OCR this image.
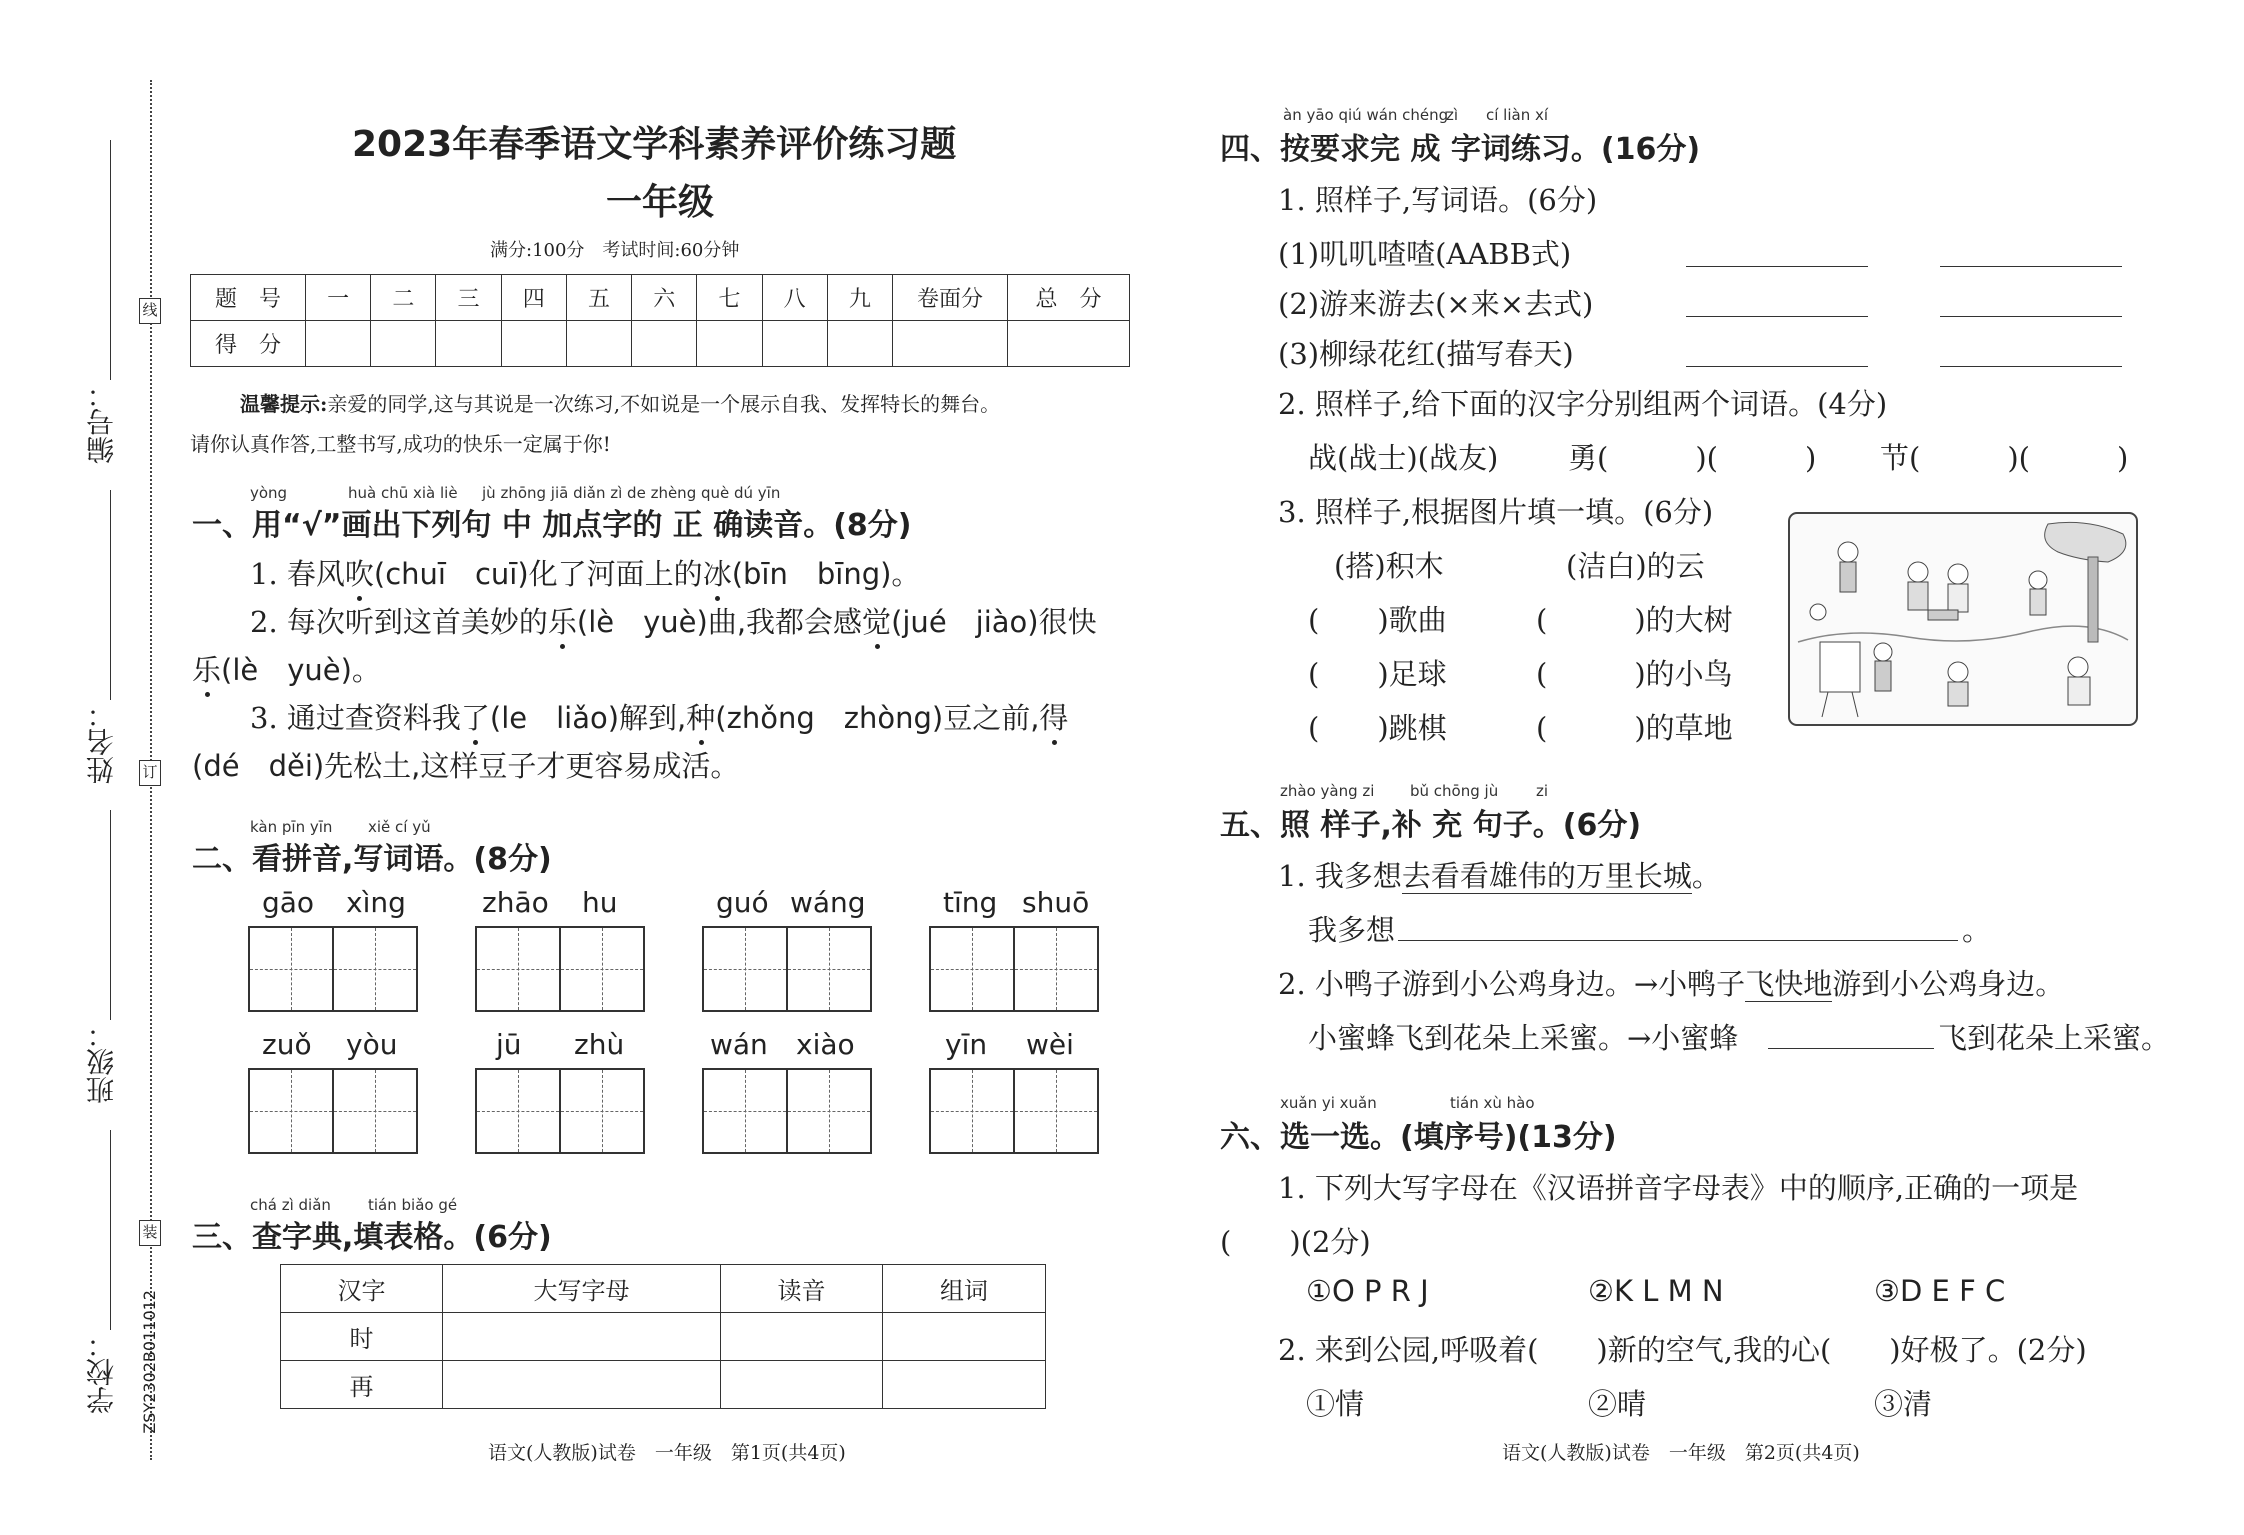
线
订
装
编号：
姓名：
班级：
学校： ZSY2302B011012
2023年春季语文学科素养评价练习题
一年级
满分:100分　考试时间:60分钟
题　号	一	二	三	四	五	六	七	八	九	卷面分	总　分
得　分											
温馨提示:亲爱的同学,这与其说是一次练习,不如说是一个展示自我、发挥特长的舞台。
请你认真作答,工整书写,成功的快乐一定属于你!
yòng	huà chū xià liè jù zhōng jiā diǎn zì de zhèng què dú yīn
一、用“√”画出下列句 中 加点字的 正 确读音。(8分)
1. 春风吹(chuī　cuī)化了河面上的冰(bīn　bīng)。
2. 每次听到这首美妙的乐(lè　yuè)曲,我都会感觉(jué　jiào)很快
乐(lè　yuè)。
3. 通过查资料我了(le　liǎo)解到,种(zhǒng　zhòng)豆之前,得
(dé　děi)先松土,这样豆子才更容易成活。
kàn pīn yīn xiě cí yǔ
二、看拼音,写词语。(8分)
gāo xìng	zhāo hu	guó wáng	tīng shuō
zuǒ yòu	jū zhù	wán xiào	yīn wèi
chá zì diǎn tián biǎo gé
三、查字典,填表格。(6分)
汉字	大写字母	读音	组词
时			
再			
语文(人教版)试卷　一年级　第1页(共4页)
àn yāo qiú wán chéng
zì cí liàn xí
四、按要求完 成 字词练习。(16分)
1. 照样子,写词语。(6分)
(1)叽叽喳喳(AABB式)
(2)游来游去(×来×去式)
(3)柳绿花红(描写春天)
2. 照样子,给下面的汉字分别组两个词语。(4分)
战(战士)(战友) 勇(　　　)(　　　) 节(　　　)(　　　)
3. 照样子,根据图片填一填。(6分)
(搭)积木	(洁白)的云
(　　)歌曲	(　　　)的大树
(　　)足球	(　　　)的小鸟
(　　)跳棋	(　　　)的草地
zhào yàng zi bǔ chōng jù	zi
五、照 样子,补 充 句子。(6分)
1. 我多想去看看雄伟的万里长城。
我多想	。
2. 小鸭子游到小公鸡身边。→小鸭子飞快地游到小公鸡身边。
小蜜蜂飞到花朵上采蜜。→小蜜蜂	飞到花朵上采蜜。
xuǎn yi xuǎn	tián xù hào
六、选一选。(填序号)(13分)
1. 下列大写字母在《汉语拼音字母表》中的顺序,正确的一项是
(　　)(2分)
①O P R J	②K L M N	③D E F C
2. 来到公园,呼吸着(　　)新的空气,我的心(　　)好极了。(2分)
①情	②晴	③清
语文(人教版)试卷　一年级　第2页(共4页)
